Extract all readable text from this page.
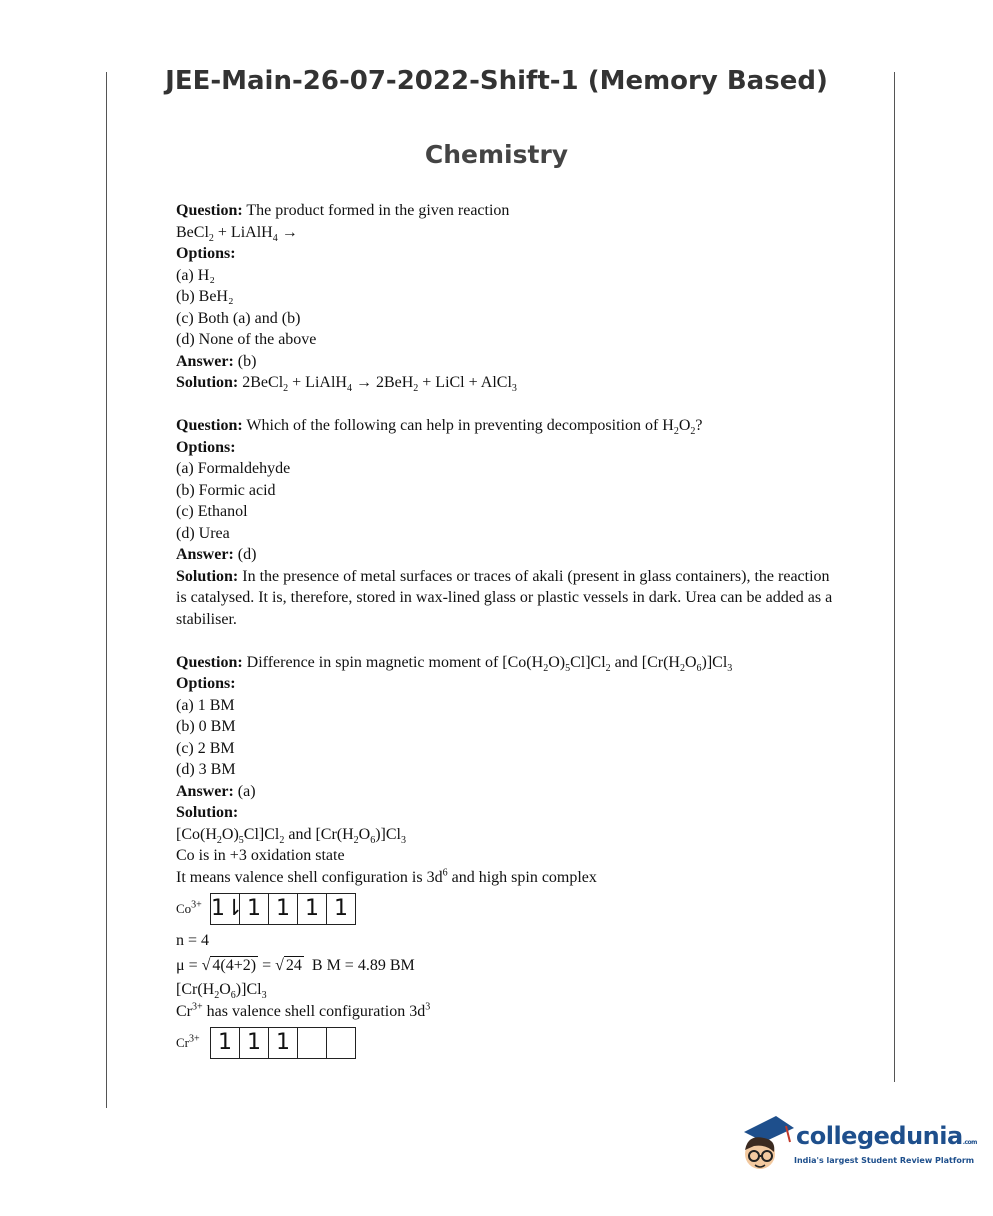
JEE-Main-26-07-2022-Shift-1 (Memory Based)
Chemistry

Question: The product formed in the given reaction

BeCl$_2$ + LiAlH$_4$ →

Options:

(a) H₂

(b) BeH₂

(c) Both (a) and (b)

(d) None of the above

Answer: (b)

Solution: 2BeCl$_2$ + LiAlH$_4$ → 2BeH$_2$ + LiCl + AlCl$_3$

Question: Which of the following can help in preventing decomposition of $H_2O_2$?

Options:

(a) Formaldehyde

(b) Formic acid

(c) Ethanol

(d) Urea

Answer: (d)

Solution: In the presence of metal surfaces or traces of akali (present in glass containers), the reaction is catalysed. It is, therefore, stored in wax-lined glass or plastic vessels in dark. Urea can be added as a stabiliser.

Question: Difference in spin magnetic moment of $[Co(H_2O)_5Cl]Cl_2$ and $[Cr(H_2O_6)]Cl_3$

Options:

(a) 1 BM

(b) 0 BM

(c) 2 BM

(d) 3 BM

Answer: (a)

Solution:

$[Co(H_2O)_5Cl]Cl_2$ and $[Cr(H_2O_6)]Cl_3$

Co is in +3 oxidation state

It means valence shell configuration is $3d^6$ and high spin complex

$Co^{3+}$ 1⇂ 1 1 1 1

n = 4

μ = √ 4(4+2) = √ 24  B M = 4.89 BM

$[Cr(H_2O_6)]Cl_3$

$Cr^{3+}$ has valence shell configuration $3d^3$

$Cr^{3+}$ 1 1 1
collegedunia.com
India's largest Student Review Platform
